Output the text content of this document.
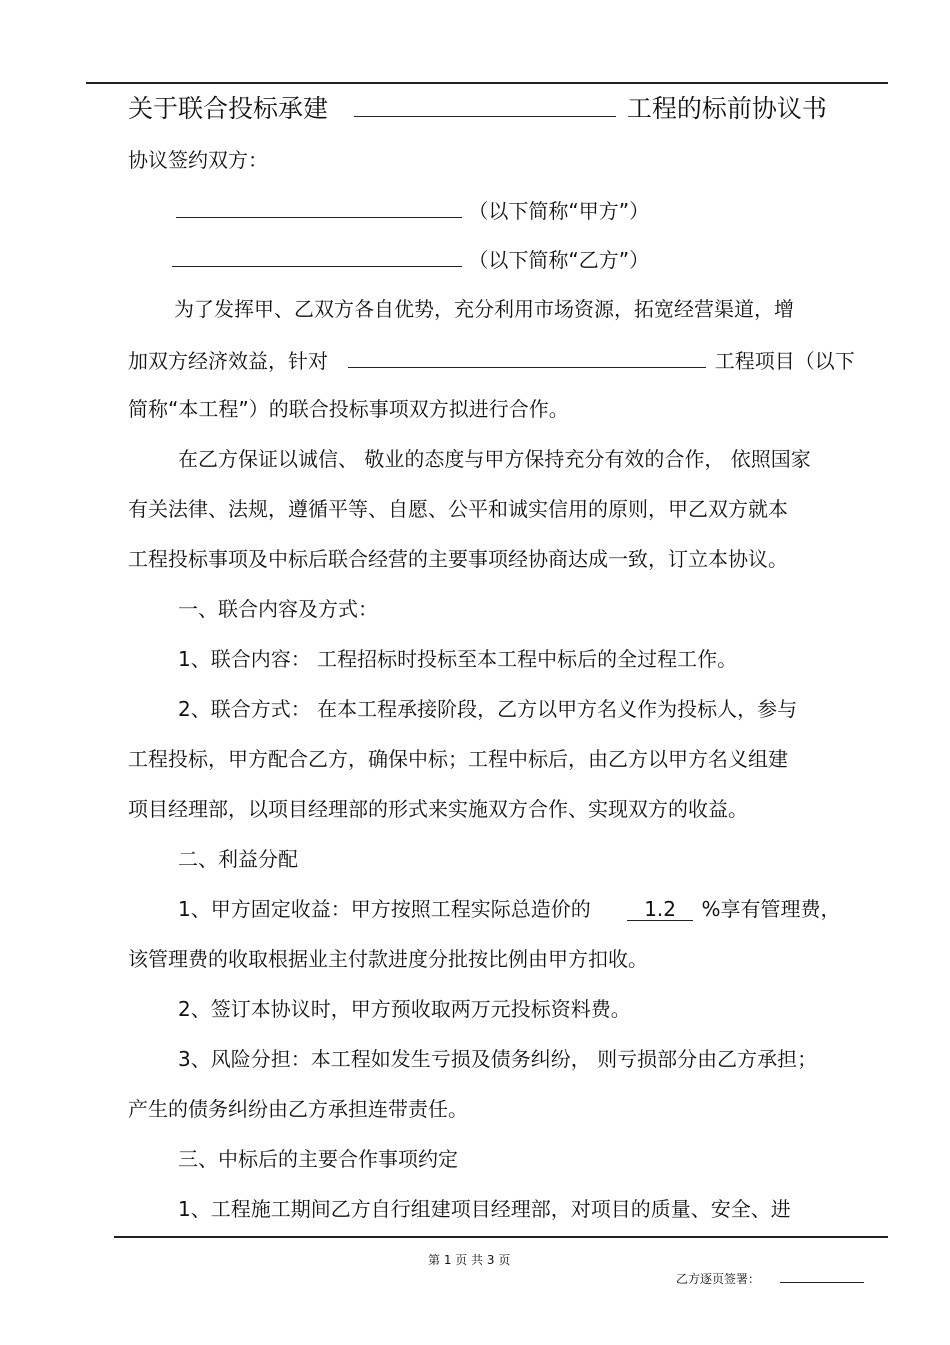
关于联合投标承建	工程的标前协议书
协议签约双方：
（以下简称“甲方”）
（以下简称“乙方”）
为了发挥甲、乙双方各自优势，充分利用市场资源，拓宽经营渠道，增
加双方经济效益，针对	工程项目（以下
简称“本工程”）的联合投标事项双方拟进行合作。
在乙方保证以诚信、 敬业的态度与甲方保持充分有效的合作， 依照国家
有关法律、法规，遵循平等、自愿、公平和诚实信用的原则，甲乙双方就本
工程投标事项及中标后联合经营的主要事项经协商达成一致，订立本协议。
一、联合内容及方式：
1、联合内容： 工程招标时投标至本工程中标后的全过程工作。
2、联合方式： 在本工程承接阶段，乙方以甲方名义作为投标人，参与
工程投标，甲方配合乙方，确保中标；工程中标后，由乙方以甲方名义组建
项目经理部，以项目经理部的形式来实施双方合作、实现双方的收益。
二、利益分配
1、甲方固定收益：甲方按照工程实际总造价的	1.2 %享有管理费，
该管理费的收取根据业主付款进度分批按比例由甲方扣收。
2、签订本协议时，甲方预收取两万元投标资料费。
3、风险分担：本工程如发生亏损及债务纠纷， 则亏损部分由乙方承担；
产生的债务纠纷由乙方承担连带责任。
三、中标后的主要合作事项约定
1、工程施工期间乙方自行组建项目经理部，对项目的质量、安全、进
第 1 页 共 3 页
乙方逐页签署：
